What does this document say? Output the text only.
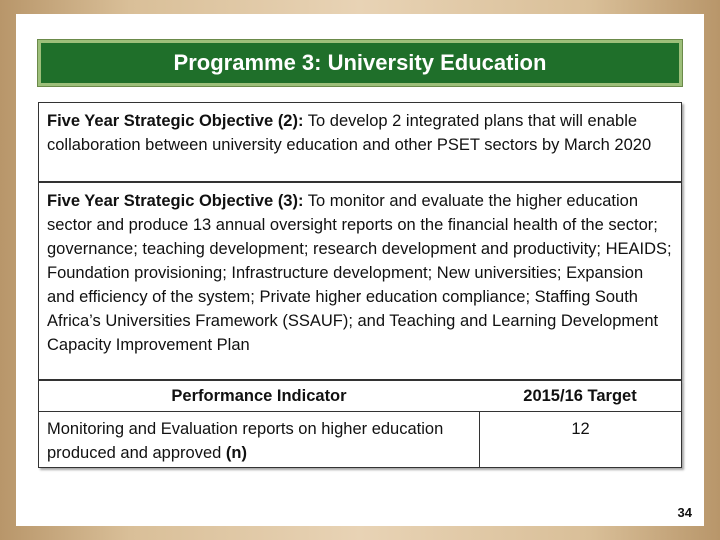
Programme 3: University Education
Five Year Strategic Objective (2): To develop 2 integrated plans that will enable collaboration between university education and other PSET sectors by March 2020
Five Year Strategic Objective (3): To monitor and evaluate the higher education sector and produce 13 annual oversight reports on the financial health of the sector; governance; teaching development; research development and productivity; HEAIDS; Foundation provisioning; Infrastructure development; New universities; Expansion and efficiency of the system; Private higher education compliance; Staffing South Africa’s Universities Framework (SSAUF); and Teaching and Learning Development Capacity Improvement Plan
Performance Indicator	2015/16 Target
Monitoring and Evaluation reports on higher education produced and approved (n)
12
34
